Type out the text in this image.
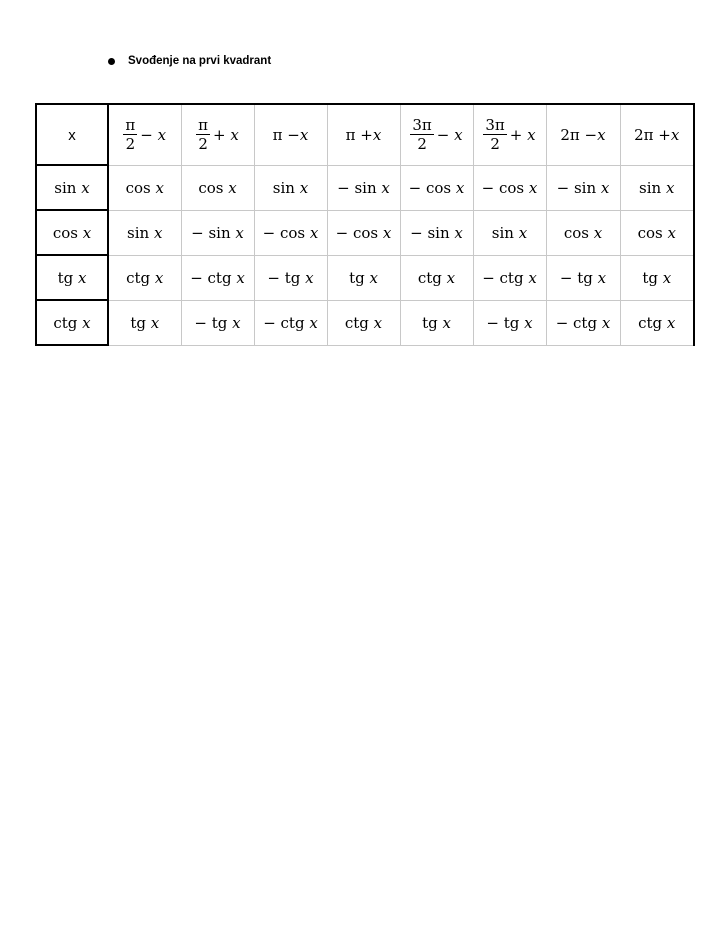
Svođenje na prvi kvadrant
x	$\frac{\pi}{2} - x$	$\frac{\pi}{2} + x$	π − x	π + x	$\frac{3\pi}{2} - x$	$\frac{3\pi}{2} + x$	2π − x	2π + x

sin x	cos x	cos x	sin x	− sin x	− cos x	− cos x	− sin x	sin x
cos x	sin x	− sin x	− cos x	− cos x	− sin x	sin x	cos x	cos x
tg x	ctg x	− ctg x	− tg x	tg x	ctg x	− ctg x	− tg x	tg x
ctg x	tg x	− tg x	− ctg x	ctg x	tg x	− tg x	− ctg x	ctg x
